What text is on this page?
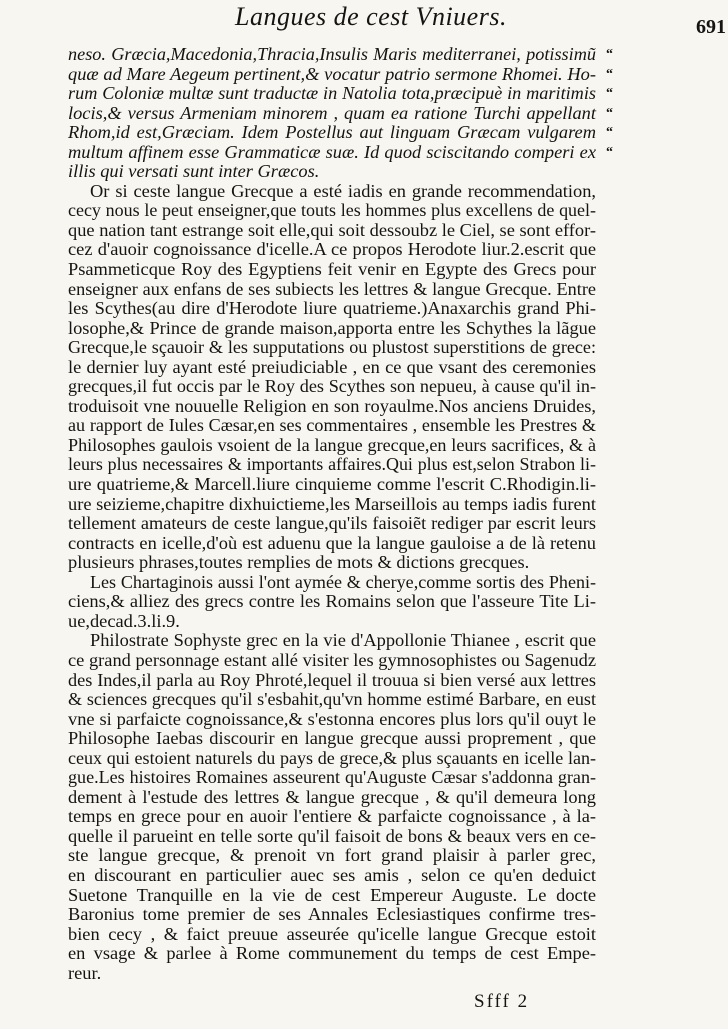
Langues de cest Vniuers.	691
“
“
“
“
“
“
neso. Græcia,Macedonia,Thracia,Insulis Maris mediterranei, potissimũ
quæ ad Mare Aegeum pertinent,& vocatur patrio sermone Rhomei. Ho-
rum Coloniæ multæ sunt traductæ in Natolia tota,præcipuè in maritimis
locis,& versus Armeniam minorem , quam ea ratione Turchi appellant
Rhom,id est,Græciam. Idem Postellus aut linguam Græcam vulgarem
multum affinem esse Grammaticæ suæ. Id quod sciscitando comperi ex
illis qui versati sunt inter Græcos.
Or si ceste langue Grecque a esté iadis en grande recommendation,
cecy nous le peut enseigner,que touts les hommes plus excellens de quel-
que nation tant estrange soit elle,qui soit dessoubz le Ciel, se sont effor-
cez d'auoir cognoissance d'icelle.A ce propos Herodote liur.2.escrit que
Psammeticque Roy des Egyptiens feit venir en Egypte des Grecs pour
enseigner aux enfans de ses subiects les lettres & langue Grecque. Entre
les Scythes(au dire d'Herodote liure quatrieme.)Anaxarchis grand Phi-
losophe,& Prince de grande maison,apporta entre les Schythes la lãgue
Grecque,le sçauoir & les supputations ou plustost superstitions de grece:
le dernier luy ayant esté preiudiciable , en ce que vsant des ceremonies
grecques,il fut occis par le Roy des Scythes son nepueu, à cause qu'il in-
troduisoit vne nouuelle Religion en son royaulme.Nos anciens Druides,
au rapport de Iules Cæsar,en ses commentaires , ensemble les Prestres &
Philosophes gaulois vsoient de la langue grecque,en leurs sacrifices, & à
leurs plus necessaires & importants affaires.Qui plus est,selon Strabon li-
ure quatrieme,& Marcell.liure cinquieme comme l'escrit C.Rhodigin.li-
ure seizieme,chapitre dixhuictieme,les Marseillois au temps iadis furent
tellement amateurs de ceste langue,qu'ils faisoiẽt rediger par escrit leurs
contracts en icelle,d'où est aduenu que la langue gauloise a de là retenu
plusieurs phrases,toutes remplies de mots & dictions grecques.
Les Chartaginois aussi l'ont aymée & cherye,comme sortis des Pheni-
ciens,& alliez des grecs contre les Romains selon que l'asseure Tite Li-
ue,decad.3.li.9.
Philostrate Sophyste grec en la vie d'Appollonie Thianee , escrit que
ce grand personnage estant allé visiter les gymnosophistes ou Sagenudz
des Indes,il parla au Roy Phroté,lequel il trouua si bien versé aux lettres
& sciences grecques qu'il s'esbahit,qu'vn homme estimé Barbare, en eust
vne si parfaicte cognoissance,& s'estonna encores plus lors qu'il ouyt le
Philosophe Iaebas discourir en langue grecque aussi proprement , que
ceux qui estoient naturels du pays de grece,& plus sçauants en icelle lan-
gue.Les histoires Romaines asseurent qu'Auguste Cæsar s'addonna gran-
dement à l'estude des lettres & langue grecque , & qu'il demeura long
temps en grece pour en auoir l'entiere & parfaicte cognoissance , à la-
quelle il parueint en telle sorte qu'il faisoit de bons & beaux vers en ce-
ste langue grecque, & prenoit vn fort grand plaisir à parler grec,
en discourant en particulier auec ses amis , selon ce qu'en deduict
Suetone Tranquille en la vie de cest Empereur Auguste. Le docte
Baronius tome premier de ses Annales Eclesiastiques confirme tres-
bien cecy , & faict preuue asseurée qu'icelle langue Grecque estoit
en vsage & parlee à Rome communement du temps de cest Empe-
reur.
Sfff 2
